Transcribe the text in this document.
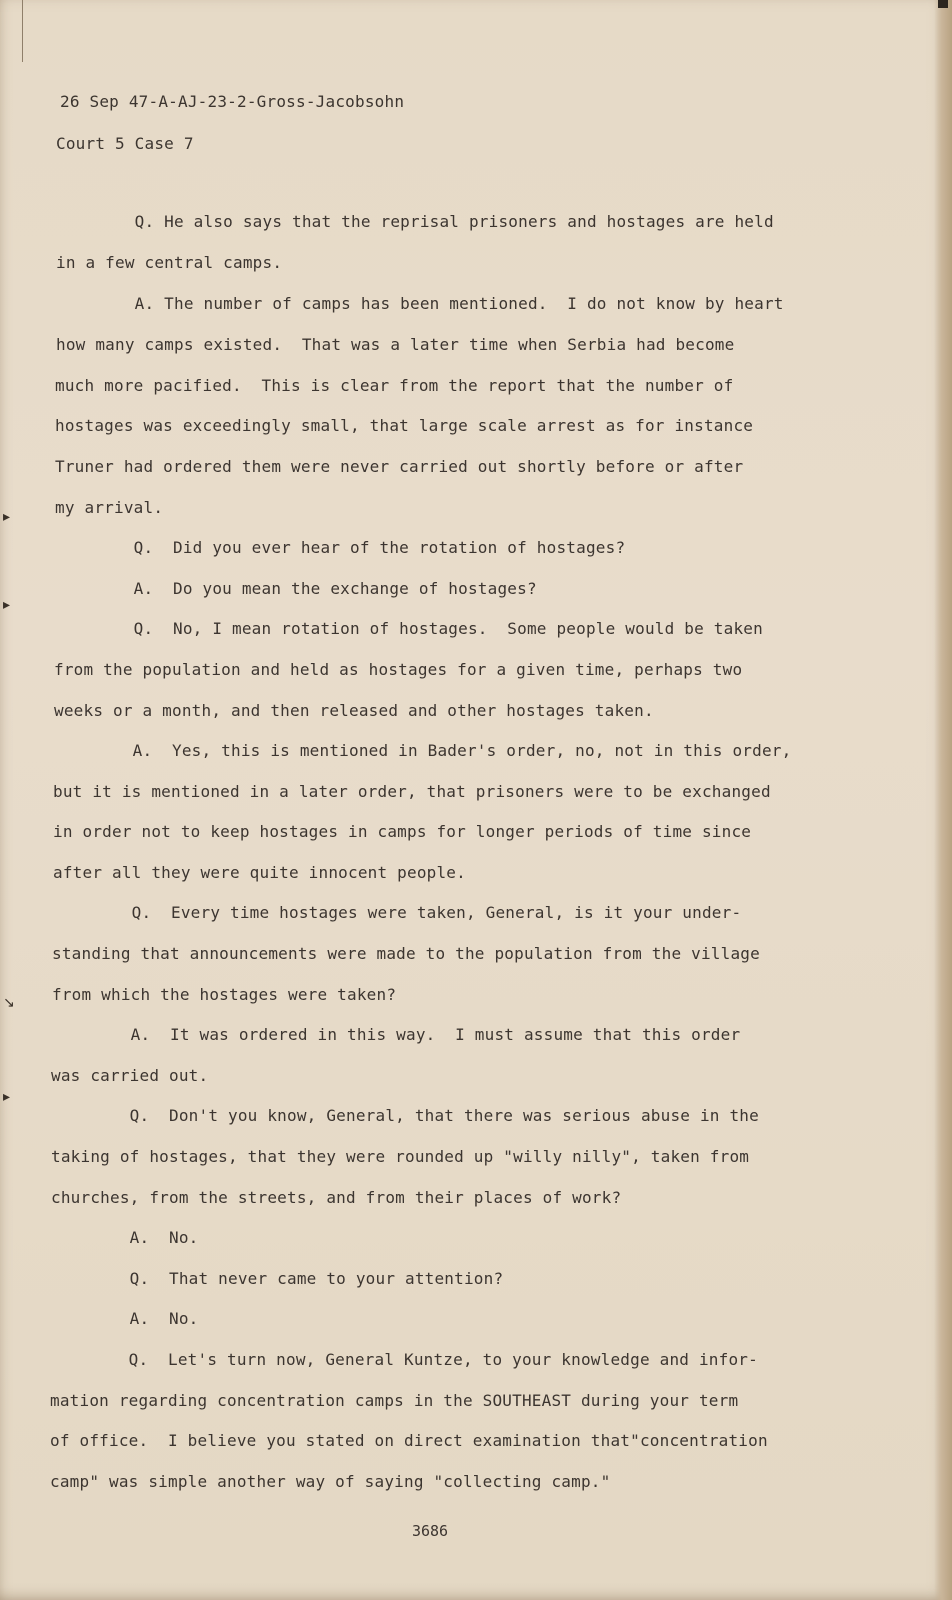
▸
▸
↘
▸
26 Sep 47-A-AJ-23-2-Gross-Jacobsohn
Court 5 Case 7
Q. He also says that the reprisal prisoners and hostages are held
in a few central camps.
A. The number of camps has been mentioned.  I do not know by heart
how many camps existed.  That was a later time when Serbia had become
much more pacified.  This is clear from the report that the number of
hostages was exceedingly small, that large scale arrest as for instance
Truner had ordered them were never carried out shortly before or after
my arrival.
Q.  Did you ever hear of the rotation of hostages?
A.  Do you mean the exchange of hostages?
Q.  No, I mean rotation of hostages.  Some people would be taken
from the population and held as hostages for a given time, perhaps two
weeks or a month, and then released and other hostages taken.
A.  Yes, this is mentioned in Bader's order, no, not in this order,
but it is mentioned in a later order, that prisoners were to be exchanged
in order not to keep hostages in camps for longer periods of time since
after all they were quite innocent people.
Q.  Every time hostages were taken, General, is it your under-
standing that announcements were made to the population from the village
from which the hostages were taken?
A.  It was ordered in this way.  I must assume that this order
was carried out.
Q.  Don't you know, General, that there was serious abuse in the
taking of hostages, that they were rounded up "willy nilly", taken from
churches, from the streets, and from their places of work?
A.  No.
Q.  That never came to your attention?
A.  No.
Q.  Let's turn now, General Kuntze, to your knowledge and infor-
mation regarding concentration camps in the SOUTHEAST during your term
of office.  I believe you stated on direct examination that"concentration
camp" was simple another way of saying "collecting camp."
3686
